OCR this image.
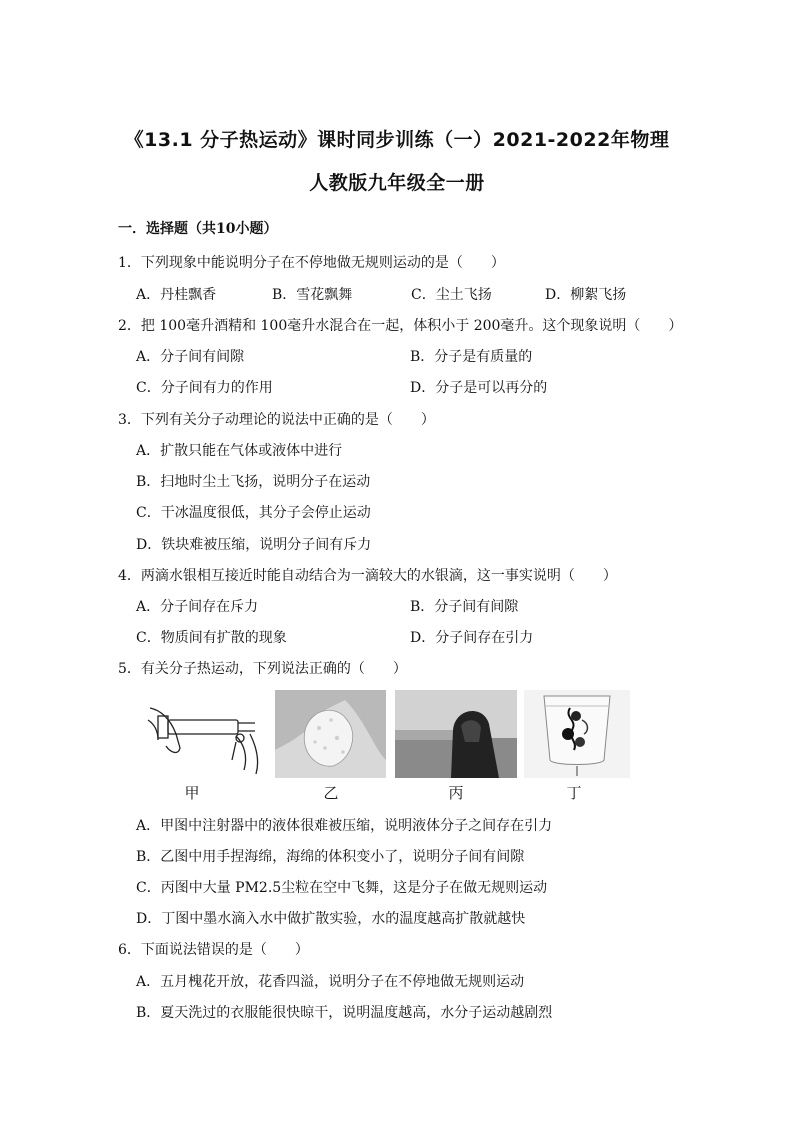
《13.1 分子热运动》课时同步训练（一）2021-2022年物理
人教版九年级全一册
一．选择题（共10小题）
1．下列现象中能说明分子在不停地做无规则运动的是（　　）
A．丹桂飘香	B．雪花飘舞	C．尘土飞扬	D．柳絮飞扬
2．把 100毫升酒精和 100毫升水混合在一起，体积小于 200毫升。这个现象说明（　　）
A．分子间有间隙	B．分子是有质量的
C．分子间有力的作用	D．分子是可以再分的
3．下列有关分子动理论的说法中正确的是（　　）
A．扩散只能在气体或液体中进行
B．扫地时尘土飞扬，说明分子在运动
C．干冰温度很低，其分子会停止运动
D．铁块难被压缩，说明分子间有斥力
4．两滴水银相互接近时能自动结合为一滴较大的水银滴，这一事实说明（　　）
A．分子间存在斥力	B．分子间有间隙
C．物质间有扩散的现象	D．分子间存在引力
5．有关分子热运动，下列说法正确的（　　）
甲	乙	丙	丁
A．甲图中注射器中的液体很难被压缩，说明液体分子之间存在引力
B．乙图中用手捏海绵，海绵的体积变小了，说明分子间有间隙
C．丙图中大量 PM2.5尘粒在空中飞舞，这是分子在做无规则运动
D．丁图中墨水滴入水中做扩散实验，水的温度越高扩散就越快
6．下面说法错误的是（　　）
A．五月槐花开放，花香四溢，说明分子在不停地做无规则运动
B．夏天洗过的衣服能很快晾干，说明温度越高，水分子运动越剧烈
